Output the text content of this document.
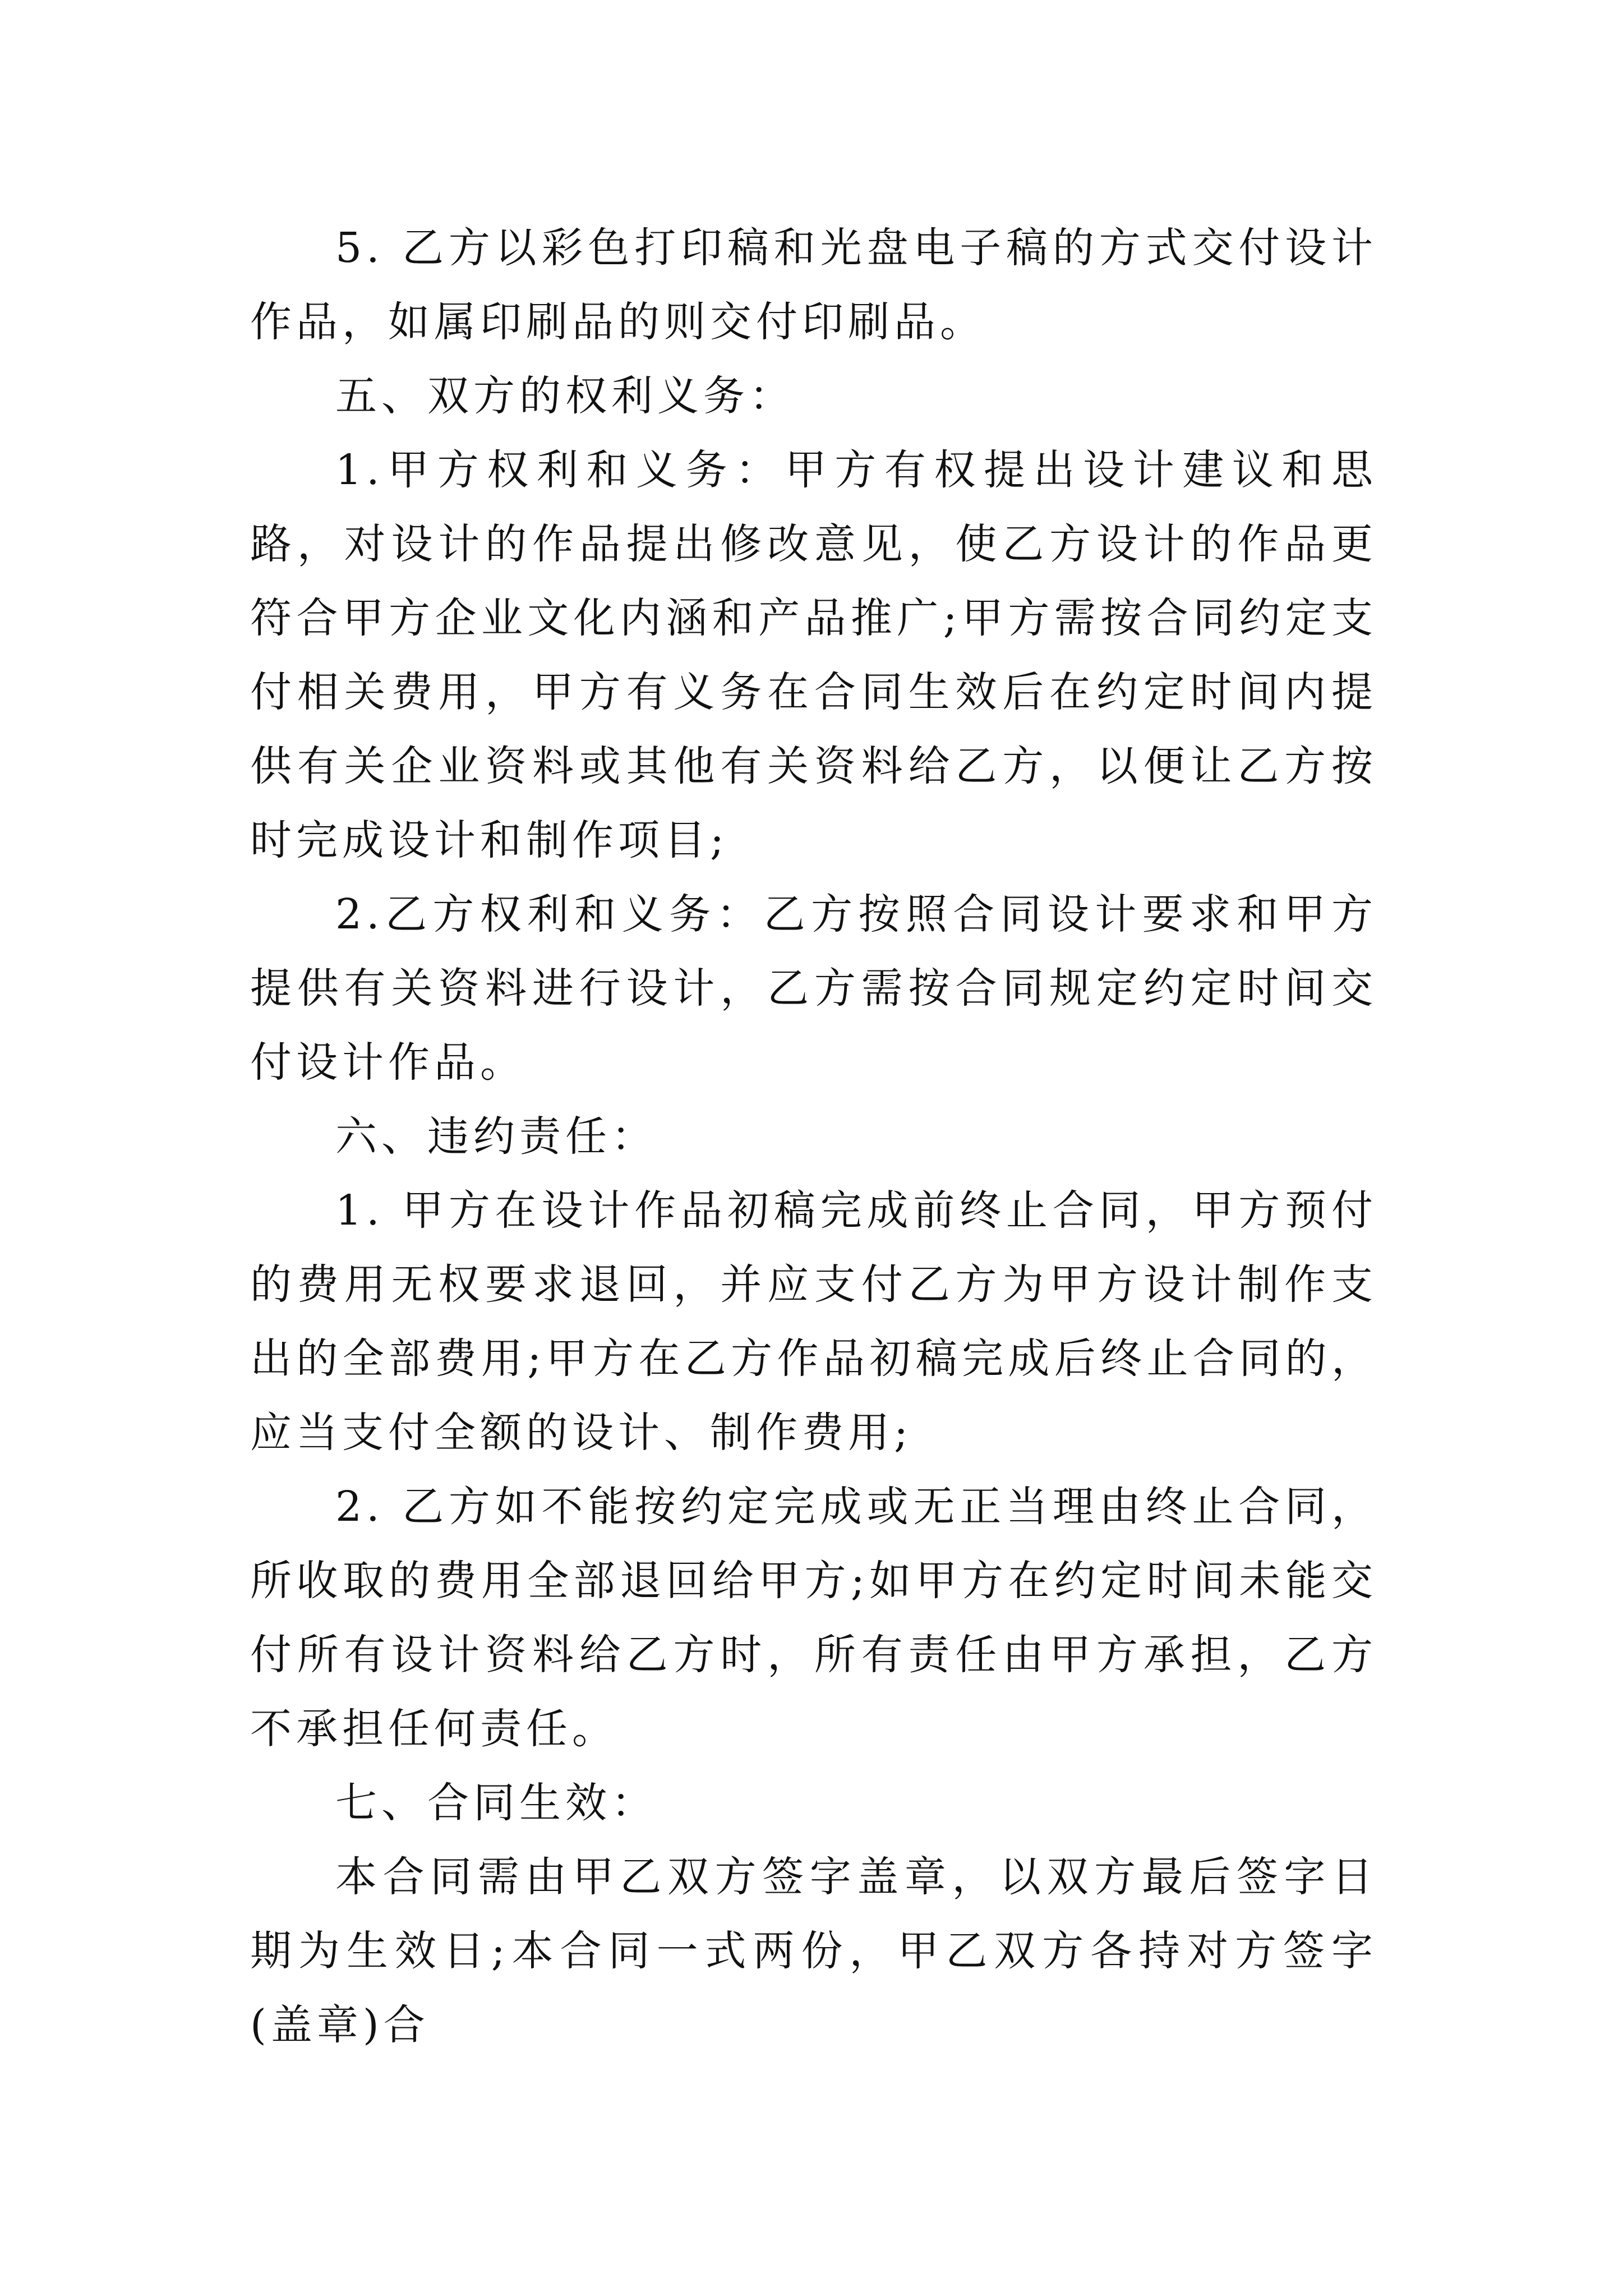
5. 乙方以彩色打印稿和光盘电子稿的方式交付设计作品，如属印刷品的则交付印刷品。

五、双方的权利义务：

1.甲方权利和义务：甲方有权提出设计建议和思路，对设计的作品提出修改意见，使乙方设计的作品更符合甲方企业文化内涵和产品推广;甲方需按合同约定支付相关费用，甲方有义务在合同生效后在约定时间内提供有关企业资料或其他有关资料给乙方，以便让乙方按时完成设计和制作项目;

2.乙方权利和义务：乙方按照合同设计要求和甲方提供有关资料进行设计，乙方需按合同规定约定时间交付设计作品。

六、违约责任：

1. 甲方在设计作品初稿完成前终止合同，甲方预付的费用无权要求退回，并应支付乙方为甲方设计制作支出的全部费用;甲方在乙方作品初稿完成后终止合同的，应当支付全额的设计、制作费用;

2. 乙方如不能按约定完成或无正当理由终止合同，所收取的费用全部退回给甲方;如甲方在约定时间未能交付所有设计资料给乙方时，所有责任由甲方承担，乙方不承担任何责任。

七、合同生效：

本合同需由甲乙双方签字盖章，以双方最后签字日期为生效日;本合同一式两份，甲乙双方各持对方签字(盖章)合
